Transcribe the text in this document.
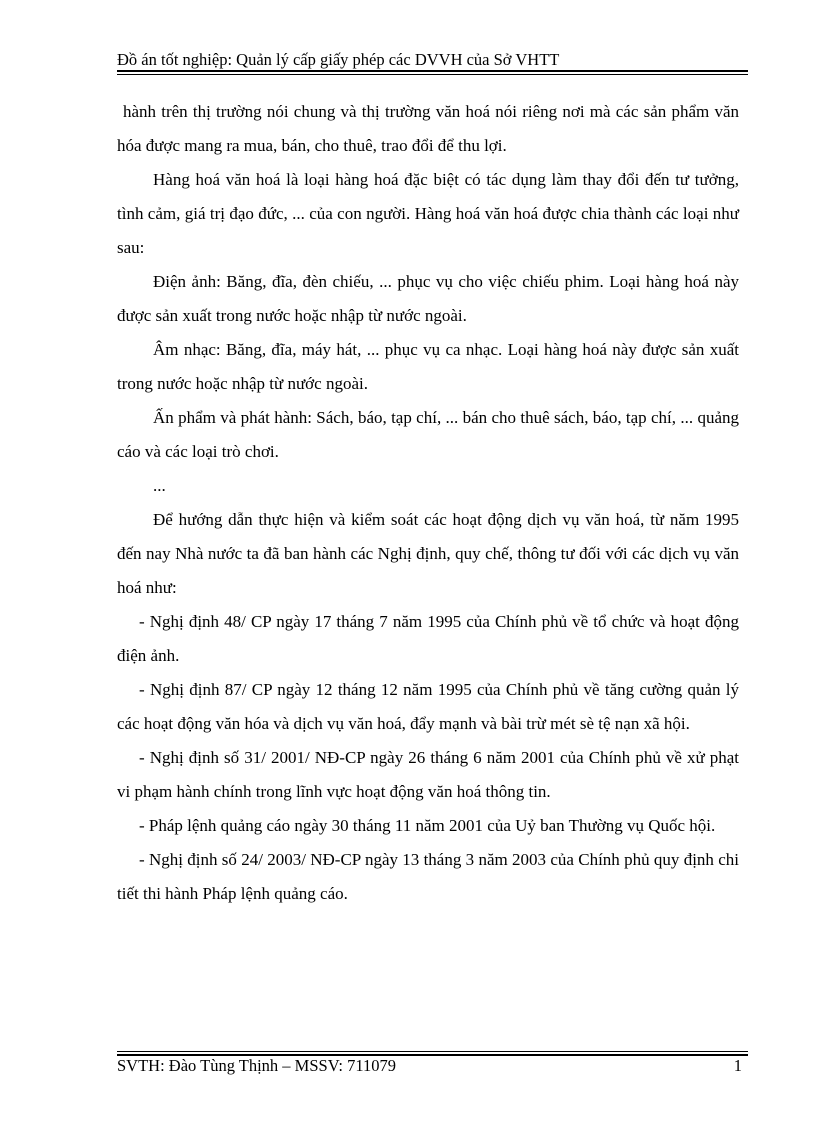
Đồ án tốt nghiệp: Quản lý cấp giấy phép các DVVH của Sở VHTT

hành trên thị trường nói chung và thị trường văn hoá nói riêng nơi mà các sản phẩm văn hóa được mang ra mua, bán, cho thuê, trao đổi để thu lợi.

Hàng hoá văn hoá là loại hàng hoá đặc biệt có tác dụng làm thay đổi đến tư tưởng, tình cảm, giá trị đạo đức, ... của con người. Hàng hoá văn hoá được chia thành các loại như sau:

Điện ảnh: Băng, đĩa, đèn chiếu, ... phục vụ cho việc chiếu phim. Loại hàng hoá này được sản xuất trong nước hoặc nhập từ nước ngoài.

Âm nhạc: Băng, đĩa, máy hát, ... phục vụ ca nhạc. Loại hàng hoá này được sản xuất trong nước hoặc nhập từ nước ngoài.

Ấn phẩm và phát hành: Sách, báo, tạp chí, ... bán cho thuê sách, báo, tạp chí, ... quảng cáo và các loại trò chơi.

...

Để hướng dẫn thực hiện và kiểm soát các hoạt động dịch vụ văn hoá, từ năm 1995 đến nay Nhà nước ta đã ban hành các Nghị định, quy chế, thông tư đối với các dịch vụ văn hoá như:

- Nghị định 48/ CP ngày 17 tháng 7 năm 1995 của Chính phủ về tổ chức và hoạt động điện ảnh.

- Nghị định 87/ CP ngày 12 tháng 12 năm 1995 của Chính phủ về tăng cường quản lý các hoạt động văn hóa và dịch vụ văn hoá, đẩy mạnh và bài trừ mét sè tệ nạn xã hội.

- Nghị định số 31/ 2001/ NĐ-CP ngày 26 tháng 6 năm 2001 của Chính phủ về xử phạt vi phạm hành chính trong lĩnh vực hoạt động văn hoá thông tin.

- Pháp lệnh quảng cáo ngày 30 tháng 11 năm 2001 của Uỷ ban Thường vụ Quốc hội.

- Nghị định số 24/ 2003/ NĐ-CP ngày 13 tháng 3 năm 2003 của Chính phủ quy định chi tiết thi hành Pháp lệnh quảng cáo.

SVTH: Đào Tùng Thịnh – MSSV: 711079	1
